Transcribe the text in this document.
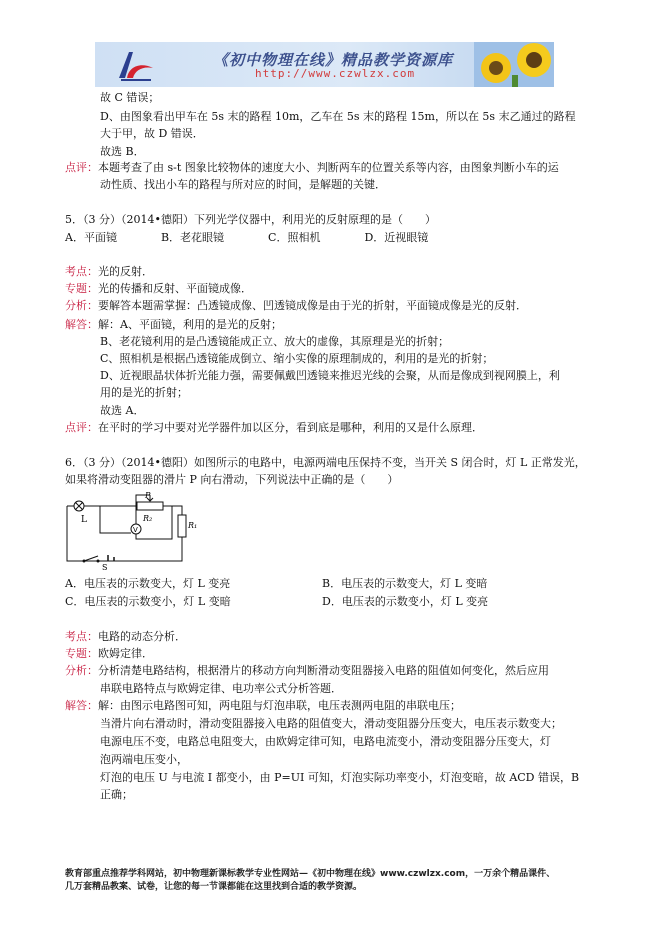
《初中物理在线》精品教学资源库
http://www.czwlzx.com
故 C 错误；
D、由图象看出甲车在 5s 末的路程 10m，乙车在 5s 末的路程 15m，所以在 5s 末乙通过的路程
大于甲，故 D 错误．
故选 B．
点评：本题考查了由 s-t 图象比较物体的速度大小、判断两车的位置关系等内容，由图象判断小车的运
动性质、找出小车的路程与所对应的时间，是解题的关键．
5．（3 分）（2014•德阳）下列光学仪器中，利用光的反射原理的是（　　）
A．平面镜　　　　B．老花眼镜　　　　C．照相机　　　　D．近视眼镜
考点：光的反射．
专题：光的传播和反射、平面镜成像．
分析：要解答本题需掌握：凸透镜成像、凹透镜成像是由于光的折射，平面镜成像是光的反射．
解答：解：A、平面镜，利用的是光的反射；
B、老花镜利用的是凸透镜能成正立、放大的虚像，其原理是光的折射；
C、照相机是根据凸透镜能成倒立、缩小实像的原理制成的，利用的是光的折射；
D、近视眼晶状体折光能力强，需要佩戴凹透镜来推迟光线的会聚，从而是像成到视网膜上，利
用的是光的折射；
故选 A．
点评：在平时的学习中要对光学器件加以区分，看到底是哪种，利用的又是什么原理．
6．（3 分）（2014•德阳）如图所示的电路中，电源两端电压保持不变，当开关 S 闭合时，灯 L 正常发光，
如果将滑动变阻器的滑片 P 向右滑动，下列说法中正确的是（　　）
A．电压表的示数变大，灯 L 变亮	B．电压表的示数变大，灯 L 变暗
C．电压表的示数变小，灯 L 变暗	D．电压表的示数变小，灯 L 变亮
考点：电路的动态分析．
专题：欧姆定律．
分析：分析清楚电路结构，根据滑片的移动方向判断滑动变阻器接入电路的阻值如何变化，然后应用
串联电路特点与欧姆定律、电功率公式分析答题．
解答：解：由图示电路图可知，两电阻与灯泡串联，电压表测两电阻的串联电压；
当滑片向右滑动时，滑动变阻器接入电路的阻值变大，滑动变阻器分压变大，电压表示数变大；
电源电压不变，电路总电阻变大，由欧姆定律可知，电路电流变小，滑动变阻器分压变大，灯
泡两端电压变小，
灯泡的电压 U 与电流 I 都变小，由 P=UI 可知，灯泡实际功率变小，灯泡变暗，故 ACD 错误，B
正确；
L
P
R₂
R₁
V
S
教育部重点推荐学科网站，初中物理新课标教学专业性网站—《初中物理在线》www.czwlzx.com，一万余个精品课件、
几万套精品教案、试卷，让您的每一节课都能在这里找到合适的教学资源。
